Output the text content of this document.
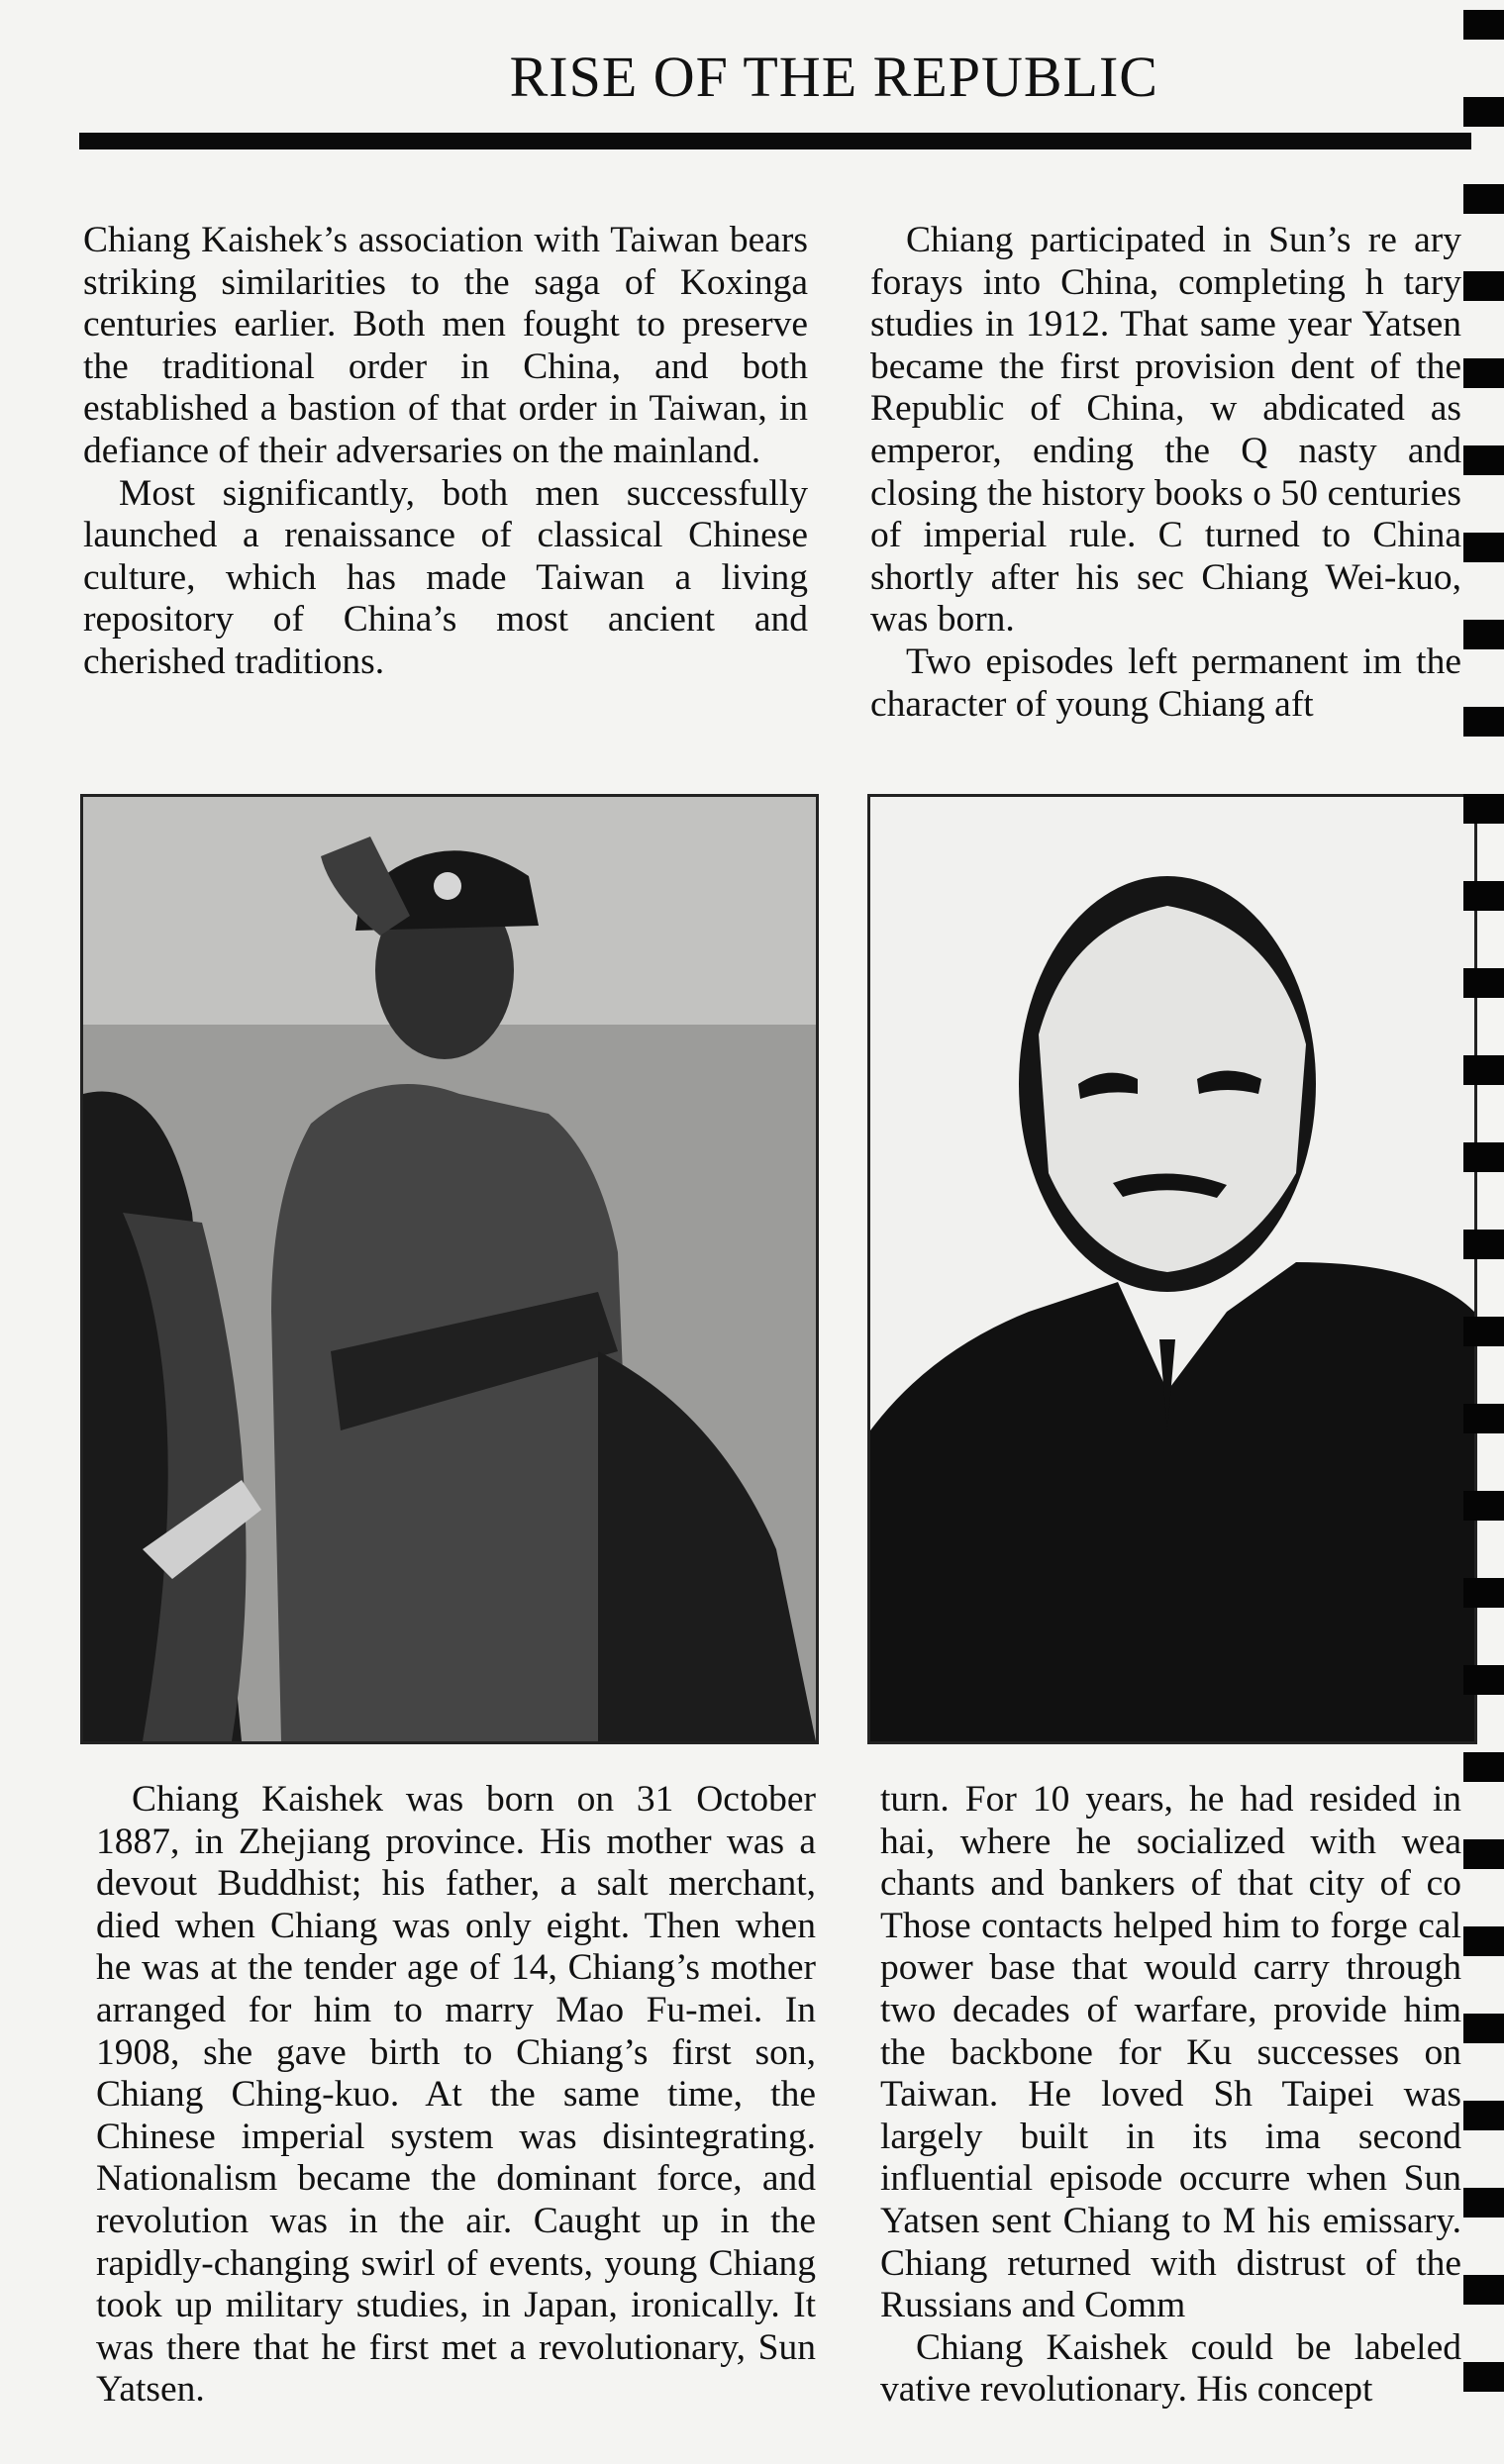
RISE OF THE REPUBLIC

Chiang Kaishek’s association with Taiwan bears striking similarities to the saga of Koxinga centuries earlier. Both men fought to preserve the traditional order in China, and both established a bastion of that order in Taiwan, in defiance of their adversaries on the mainland.

Most significantly, both men successfully launched a renaissance of classical Chinese culture, which has made Taiwan a living repository of China’s most ancient and cherished traditions.

Chiang participated in Sun’s re ary forays into China, completing h tary studies in 1912. That same year Yatsen became the first provision dent of the Republic of China, w abdicated as emperor, ending the Q nasty and closing the history books o 50 centuries of imperial rule. C turned to China shortly after his sec Chiang Wei-kuo, was born.

Two episodes left permanent im the character of young Chiang aft

Chiang Kaishek was born on 31 October 1887, in Zhejiang province. His mother was a devout Buddhist; his father, a salt merchant, died when Chiang was only eight. Then when he was at the tender age of 14, Chiang’s mother arranged for him to marry Mao Fu-mei. In 1908, she gave birth to Chiang’s first son, Chiang Ching-kuo. At the same time, the Chinese imperial system was disintegrating. Nationalism became the dominant force, and revolution was in the air. Caught up in the rapidly-changing swirl of events, young Chiang took up military studies, in Japan, ironically. It was there that he first met a revolutionary, Sun Yatsen.

turn. For 10 years, he had resided in hai, where he socialized with wea chants and bankers of that city of co Those contacts helped him to forge cal power base that would carry through two decades of warfare, provide him the backbone for Ku successes on Taiwan. He loved Sh Taipei was largely built in its ima second influential episode occurre when Sun Yatsen sent Chiang to M his emissary. Chiang returned with distrust of the Russians and Comm

Chiang Kaishek could be labeled vative revolutionary. His concept
